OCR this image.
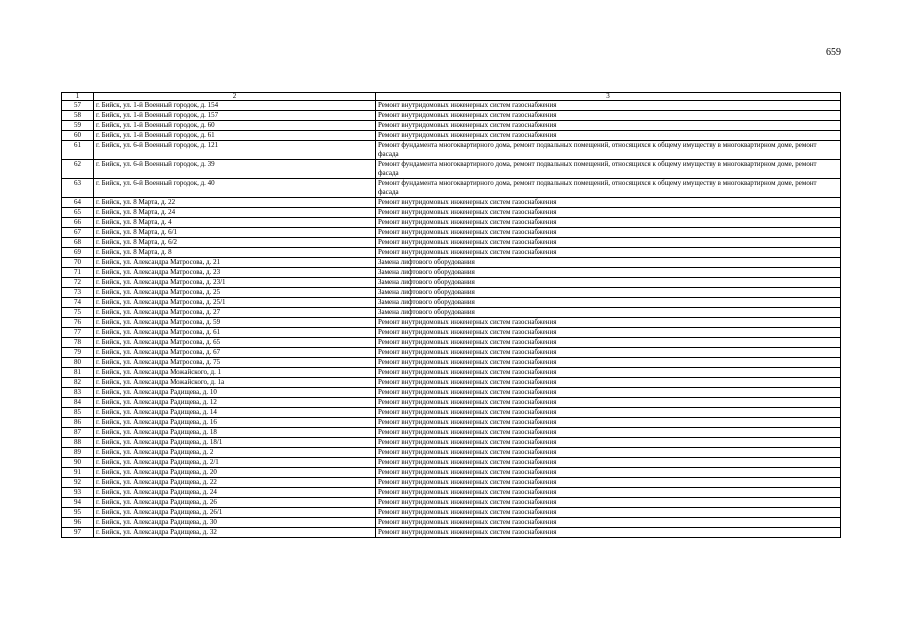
659
1	2	3
57	г. Бийск, ул. 1-й Военный городок, д. 154	Ремонт внутридомовых инженерных систем газоснабжения
58	г. Бийск, ул. 1-й Военный городок, д. 157	Ремонт внутридомовых инженерных систем газоснабжения
59	г. Бийск, ул. 1-й Военный городок, д. 60	Ремонт внутридомовых инженерных систем газоснабжения
60	г. Бийск, ул. 1-й Военный городок, д. 61	Ремонт внутридомовых инженерных систем газоснабжения
61	г. Бийск, ул. 6-й Военный городок, д. 121	Ремонт фундамента многоквартирного дома, ремонт подвальных помещений, относящихся к общему имуществу в многоквартирном доме, ремонт фасада
62	г. Бийск, ул. 6-й Военный городок, д. 39	Ремонт фундамента многоквартирного дома, ремонт подвальных помещений, относящихся к общему имуществу в многоквартирном доме, ремонт фасада
63	г. Бийск, ул. 6-й Военный городок, д. 40	Ремонт фундамента многоквартирного дома, ремонт подвальных помещений, относящихся к общему имуществу в многоквартирном доме, ремонт фасада
64	г. Бийск, ул. 8 Марта, д. 22	Ремонт внутридомовых инженерных систем газоснабжения
65	г. Бийск, ул. 8 Марта, д. 24	Ремонт внутридомовых инженерных систем газоснабжения
66	г. Бийск, ул. 8 Марта, д. 4	Ремонт внутридомовых инженерных систем газоснабжения
67	г. Бийск, ул. 8 Марта, д. 6/1	Ремонт внутридомовых инженерных систем газоснабжения
68	г. Бийск, ул. 8 Марта, д. 6/2	Ремонт внутридомовых инженерных систем газоснабжения
69	г. Бийск, ул. 8 Марта, д. 8	Ремонт внутридомовых инженерных систем газоснабжения
70	г. Бийск, ул. Александра Матросова, д. 21	Замена лифтового оборудования
71	г. Бийск, ул. Александра Матросова, д. 23	Замена лифтового оборудования
72	г. Бийск, ул. Александра Матросова, д. 23/1	Замена лифтового оборудования
73	г. Бийск, ул. Александра Матросова, д. 25	Замена лифтового оборудования
74	г. Бийск, ул. Александра Матросова, д. 25/1	Замена лифтового оборудования
75	г. Бийск, ул. Александра Матросова, д. 27	Замена лифтового оборудования
76	г. Бийск, ул. Александра Матросова, д. 59	Ремонт внутридомовых инженерных систем газоснабжения
77	г. Бийск, ул. Александра Матросова, д. 61	Ремонт внутридомовых инженерных систем газоснабжения
78	г. Бийск, ул. Александра Матросова, д. 65	Ремонт внутридомовых инженерных систем газоснабжения
79	г. Бийск, ул. Александра Матросова, д. 67	Ремонт внутридомовых инженерных систем газоснабжения
80	г. Бийск, ул. Александра Матросова, д. 75	Ремонт внутридомовых инженерных систем газоснабжения
81	г. Бийск, ул. Александра Можайского, д. 1	Ремонт внутридомовых инженерных систем газоснабжения
82	г. Бийск, ул. Александра Можайского, д. 1а	Ремонт внутридомовых инженерных систем газоснабжения
83	г. Бийск, ул. Александра Радищева, д. 10	Ремонт внутридомовых инженерных систем газоснабжения
84	г. Бийск, ул. Александра Радищева, д. 12	Ремонт внутридомовых инженерных систем газоснабжения
85	г. Бийск, ул. Александра Радищева, д. 14	Ремонт внутридомовых инженерных систем газоснабжения
86	г. Бийск, ул. Александра Радищева, д. 16	Ремонт внутридомовых инженерных систем газоснабжения
87	г. Бийск, ул. Александра Радищева, д. 18	Ремонт внутридомовых инженерных систем газоснабжения
88	г. Бийск, ул. Александра Радищева, д. 18/1	Ремонт внутридомовых инженерных систем газоснабжения
89	г. Бийск, ул. Александра Радищева, д. 2	Ремонт внутридомовых инженерных систем газоснабжения
90	г. Бийск, ул. Александра Радищева, д. 2/1	Ремонт внутридомовых инженерных систем газоснабжения
91	г. Бийск, ул. Александра Радищева, д. 20	Ремонт внутридомовых инженерных систем газоснабжения
92	г. Бийск, ул. Александра Радищева, д. 22	Ремонт внутридомовых инженерных систем газоснабжения
93	г. Бийск, ул. Александра Радищева, д. 24	Ремонт внутридомовых инженерных систем газоснабжения
94	г. Бийск, ул. Александра Радищева, д. 26	Ремонт внутридомовых инженерных систем газоснабжения
95	г. Бийск, ул. Александра Радищева, д. 26/1	Ремонт внутридомовых инженерных систем газоснабжения
96	г. Бийск, ул. Александра Радищева, д. 30	Ремонт внутридомовых инженерных систем газоснабжения
97	г. Бийск, ул. Александра Радищева, д. 32	Ремонт внутридомовых инженерных систем газоснабжения
